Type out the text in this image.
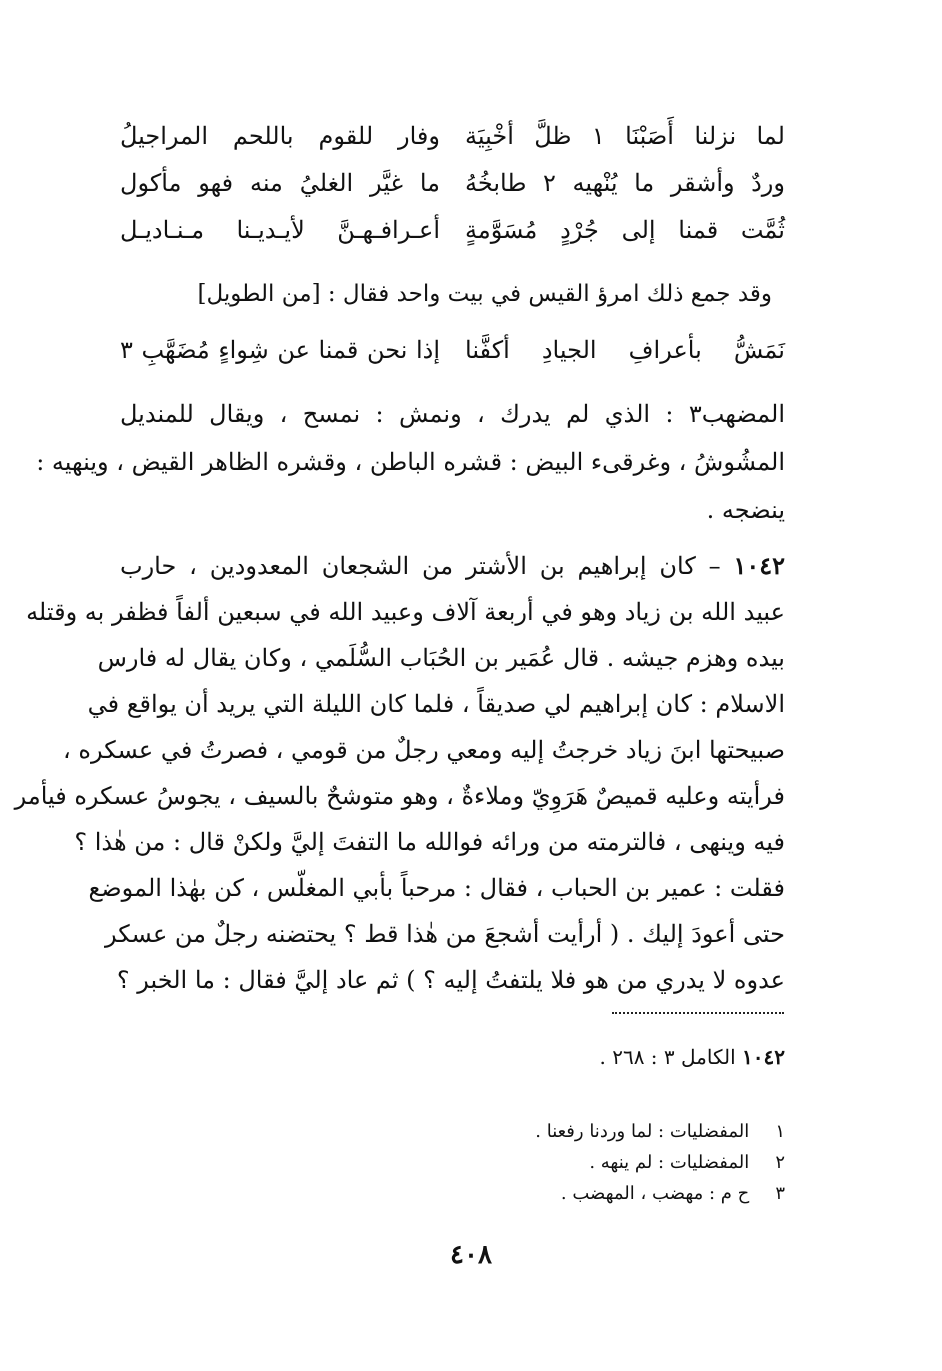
لما نزلنا أَصَبْنَا ١ ظلَّ أخْبِيَة
وفار للقوم باللحم المراجيلُ
وردٌ وأشقر ما يُنْهيه ٢ طابخُهُ
ما غيَّر الغليُ منه فهو مأكول
ثُمَّت قمنا إلى جُرْدٍ مُسَوَّمةٍ
أعـرافـهـنَّ لأيـديـنا مـنـاديـل
وقد جمع ذلك امرؤ القيس في بيت واحد فقال : [من الطويل]
نَمَشُّ بأعرافِ الجيادِ أكفَّنا
إذا نحن قمنا عن شِواءٍ مُضَهَّبِ ٣
المضهب٣ : الذي لم يدرك ، ونمش : نمسح ، ويقال للمنديل
المشُوشُ ، وغرقىء البيض : قشره الباطن ، وقشره الظاهر القيض ، وينهيه :
ينضجه .
١٠٤٢ – كان إبراهيم بن الأشتر من الشجعان المعدودين ، حارب
عبيد الله بن زياد وهو في أربعة آلاف وعبيد الله في سبعين ألفاً فظفر به وقتله
بيده وهزم جيشه . قال عُمَير بن الحُبَاب السُّلَمي ، وكان يقال له فارس
الاسلام : كان إبراهيم لي صديقاً ، فلما كان الليلة التي يريد أن يواقع في
صبيحتها ابنَ زياد خرجتُ إليه ومعي رجلٌ من قومي ، فصرتُ في عسكره ،
فرأيته وعليه قميصٌ هَرَوِيّ وملاءةٌ ، وهو متوشحٌ بالسيف ، يجوسُ عسكره فيأمر
فيه وينهى ، فالترمته من ورائه فوالله ما التفتَ إليَّ ولكنْ قال : من هٰذا ؟
فقلت : عمير بن الحباب ، فقال : مرحباً بأبي المغلّس ، كن بهٰذا الموضع
حتى أعودَ إليك . ( أرأيت أشجعَ من هٰذا قط ؟ يحتضنه رجلٌ من عسكر
عدوه لا يدري من هو فلا يلتفتُ إليه ؟ ) ثم عاد إليَّ فقال : ما الخبر ؟
١٠٤٢ الكامل ٣ : ٢٦٨ .
١ المفضليات : لما وردنا رفعنا .
٢ المفضليات : لم ينهه .
٣ ح م : مهضب ، المهضب .
٤٠٨
